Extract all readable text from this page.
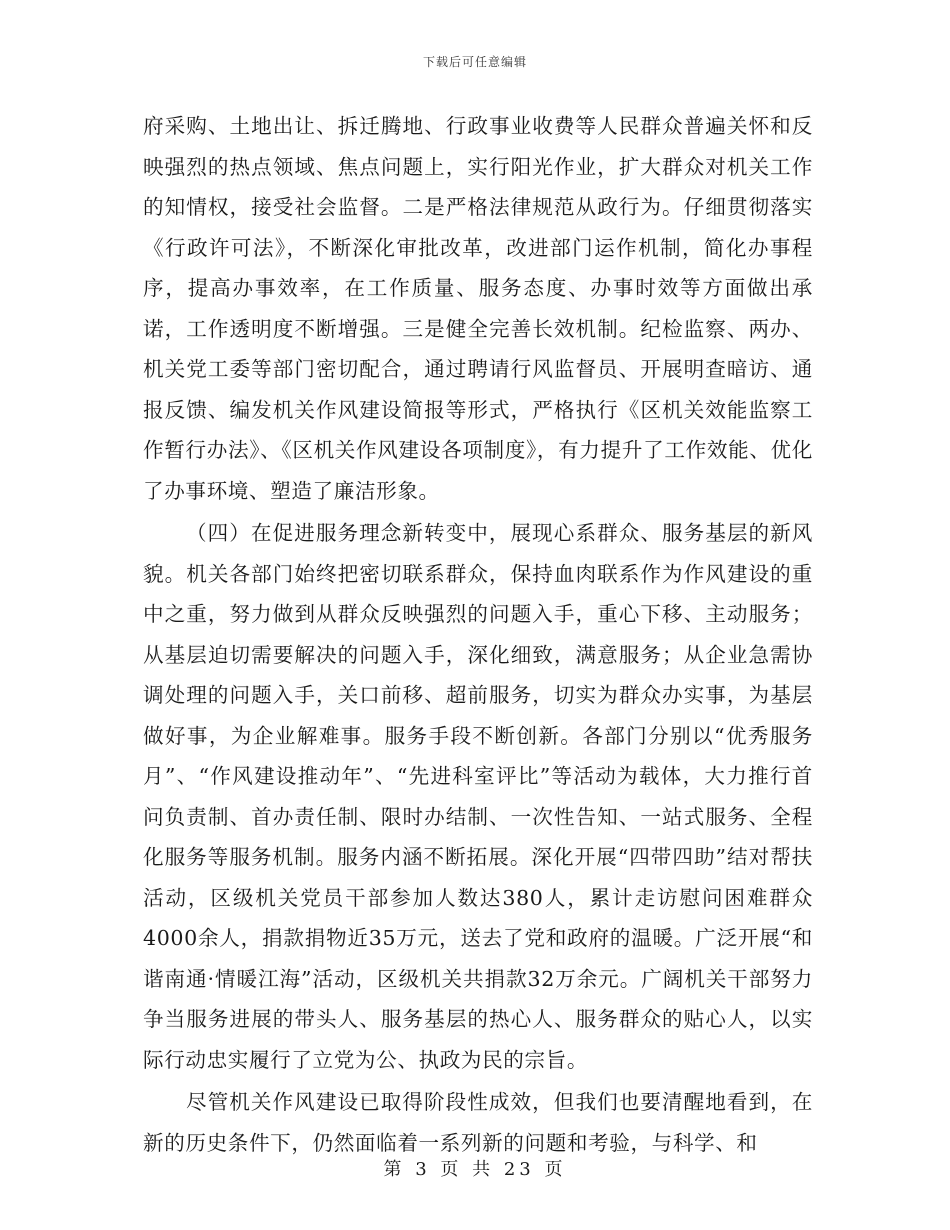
下载后可任意编辑

府采购、土地出让、拆迁腾地、行政事业收费等人民群众普遍关怀和反映强烈的热点领域、焦点问题上，实行阳光作业，扩大群众对机关工作的知情权，接受社会监督。二是严格法律规范从政行为。仔细贯彻落实《行政许可法》，不断深化审批改革，改进部门运作机制，简化办事程序，提高办事效率，在工作质量、服务态度、办事时效等方面做出承诺，工作透明度不断增强。三是健全完善长效机制。纪检监察、两办、机关党工委等部门密切配合，通过聘请行风监督员、开展明查暗访、通报反馈、编发机关作风建设简报等形式，严格执行《区机关效能监察工作暂行办法》、《区机关作风建设各项制度》，有力提升了工作效能、优化了办事环境、塑造了廉洁形象。

（四）在促进服务理念新转变中，展现心系群众、服务基层的新风貌。机关各部门始终把密切联系群众，保持血肉联系作为作风建设的重中之重，努力做到从群众反映强烈的问题入手，重心下移、主动服务；从基层迫切需要解决的问题入手，深化细致，满意服务；从企业急需协调处理的问题入手，关口前移、超前服务，切实为群众办实事，为基层做好事，为企业解难事。服务手段不断创新。各部门分别以“优秀服务月”、“作风建设推动年”、“先进科室评比”等活动为载体，大力推行首问负责制、首办责任制、限时办结制、一次性告知、一站式服务、全程化服务等服务机制。服务内涵不断拓展。深化开展“四带四助”结对帮扶活动，区级机关党员干部参加人数达380人，累计走访慰问困难群众4000余人，捐款捐物近35万元，送去了党和政府的温暖。广泛开展“和谐南通·情暖江海”活动，区级机关共捐款32万余元。广阔机关干部努力争当服务进展的带头人、服务基层的热心人、服务群众的贴心人，以实际行动忠实履行了立党为公、执政为民的宗旨。

尽管机关作风建设已取得阶段性成效，但我们也要清醒地看到，在新的历史条件下，仍然面临着一系列新的问题和考验，与科学、和

第 3 页 共 23 页
